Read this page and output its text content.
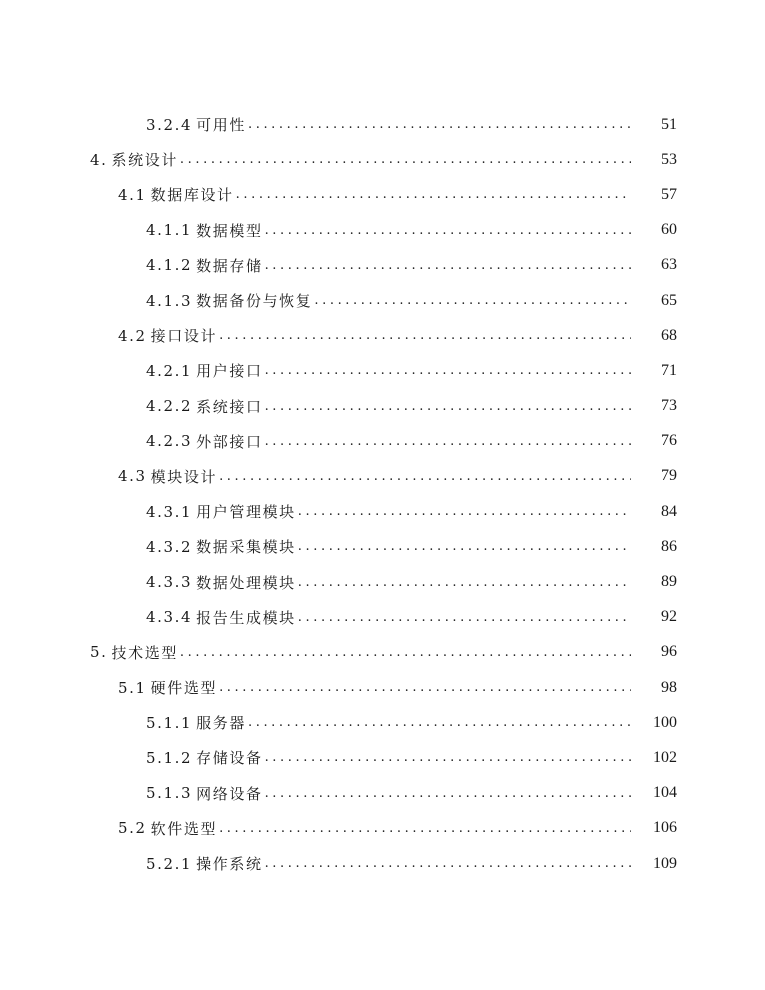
3.2.4 可用性 .....	51
4. 系统设计 .....	53
4.1 数据库设计 .....	57
4.1.1 数据模型 .....	60
4.1.2 数据存储 .....	63
4.1.3 数据备份与恢复 .....	65
4.2 接口设计 .....	68
4.2.1 用户接口 .....	71
4.2.2 系统接口 .....	73
4.2.3 外部接口 .....	76
4.3 模块设计 .....	79
4.3.1 用户管理模块 .....	84
4.3.2 数据采集模块 .....	86
4.3.3 数据处理模块 .....	89
4.3.4 报告生成模块 .....	92
5. 技术选型 .....	96
5.1 硬件选型 .....	98
5.1.1 服务器 .....	100
5.1.2 存储设备 .....	102
5.1.3 网络设备 .....	104
5.2 软件选型 .....	106
5.2.1 操作系统 .....	109
